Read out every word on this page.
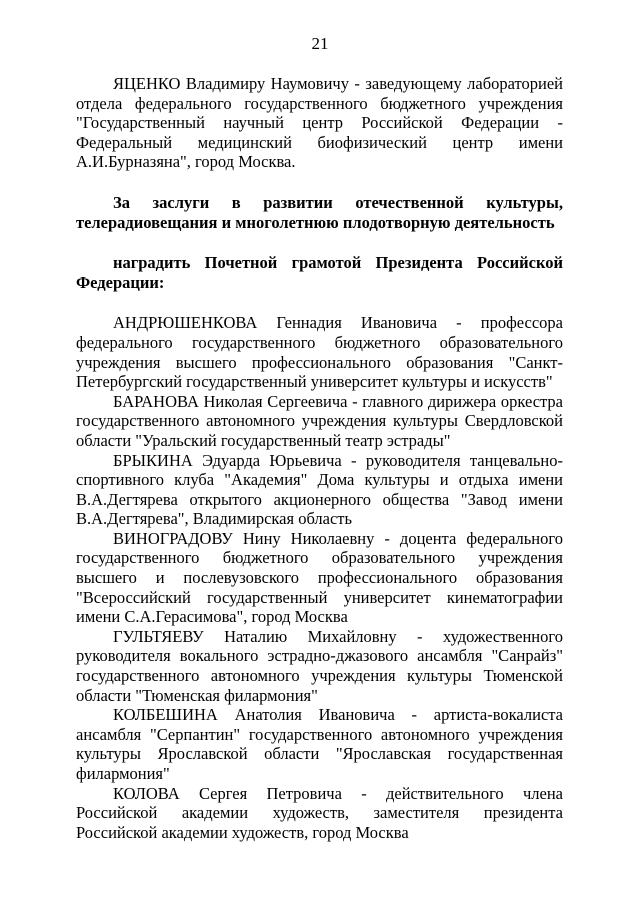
21

ЯЦЕНКО Владимиру Наумовичу - заведующему лабораторией отдела федерального государственного бюджетного учреждения "Государственный научный центр Российской Федерации - Федеральный медицинский биофизический центр имени А.И.Бурназяна", город Москва.

За заслуги в развитии отечественной культуры, телерадиовещания и многолетнюю плодотворную деятельность

наградить Почетной грамотой Президента Российской Федерации:

АНДРЮШЕНКОВА Геннадия Ивановича - профессора федерального государственного бюджетного образовательного учреждения высшего профессионального образования "Санкт-Петербургский государственный университет культуры и искусств"

БАРАНОВА Николая Сергеевича - главного дирижера оркестра государственного автономного учреждения культуры Свердловской области "Уральский государственный театр эстрады"

БРЫКИНА Эдуарда Юрьевича - руководителя танцевально-спортивного клуба "Академия" Дома культуры и отдыха имени В.А.Дегтярева открытого акционерного общества "Завод имени В.А.Дегтярева", Владимирская область

ВИНОГРАДОВУ Нину Николаевну - доцента федерального государственного бюджетного образовательного учреждения высшего и послевузовского профессионального образования "Всероссийский государственный университет кинематографии имени С.А.Герасимова", город Москва

ГУЛЬТЯЕВУ Наталию Михайловну - художественного руководителя вокального эстрадно-джазового ансамбля "Санрайз" государственного автономного учреждения культуры Тюменской области "Тюменская филармония"

КОЛБЕШИНА Анатолия Ивановича - артиста-вокалиста ансамбля "Серпантин" государственного автономного учреждения культуры Ярославской области "Ярославская государственная филармония"

КОЛОВА Сергея Петровича - действительного члена Российской академии художеств, заместителя президента Российской академии художеств, город Москва
